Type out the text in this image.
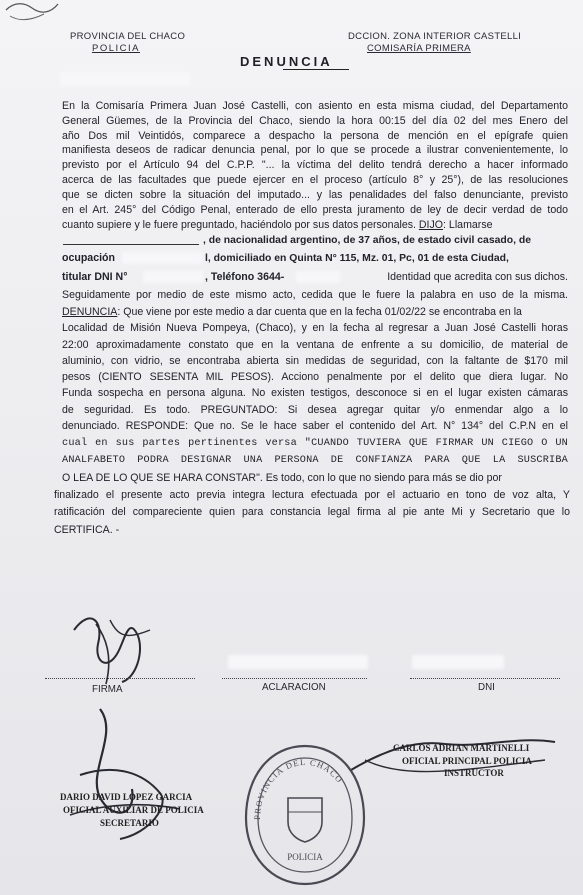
PROVINCIA DEL CHACO
POLICIA
DCCION. ZONA INTERIOR CASTELLI
COMISARÍA PRIMERA
DENUNCIA
En la Comisaría Primera Juan José Castelli, con asiento en esta misma ciudad, del Departamento
General Güemes, de la Provincia del Chaco, siendo la hora 00:15 del día 02 del mes Enero del
año Dos mil Veintidós, comparece a despacho la persona de mención en el epígrafe quien
manifiesta deseos de radicar denuncia penal, por lo que se procede a ilustrar convenientemente, lo
previsto por el Artículo 94 del C.P.P. "... la víctima del delito tendrá derecho a hacer informado
acerca de las facultades que puede ejercer en el proceso (artículo 8° y 25°), de las resoluciones
que se dicten sobre la situación del imputado... y las penalidades del falso denunciante, previsto
en el Art. 245° del Código Penal, enterado de ello presta juramento de ley de decir verdad de todo
cuanto supiere y le fuere preguntado, haciéndolo por sus datos personales. DIJO: Llamarse
, de nacionalidad argentino, de 37 años, de estado civil casado, de
ocupación	l, domiciliado en Quinta N° 115, Mz. 01, Pc, 01 de esta Ciudad,
titular DNI N°	, Teléfono 3644-	Identidad que acredita con sus dichos.
Seguidamente por medio de este mismo acto, cedida que le fuere la palabra en uso de la misma.
DENUNCIA: Que viene por este medio a dar cuenta que en la fecha 01/02/22 se encontraba en la
Localidad de Misión Nueva Pompeya, (Chaco), y en la fecha al regresar a Juan José Castelli horas
22:00 aproximadamente constato que en la ventana de enfrente a su domicilio, de material de
aluminio, con vidrio, se encontraba abierta sin medidas de seguridad, con la faltante de $170 mil
pesos (CIENTO SESENTA MIL PESOS). Acciono penalmente por el delito que diera lugar. No
Funda sospecha en persona alguna. No existen testigos, desconoce si en el lugar existen cámaras
de seguridad. Es todo. PREGUNTADO: Si desea agregar quitar y/o enmendar algo a lo
denunciado. RESPONDE: Que no. Se le hace saber el contenido del Art. N° 134° del C.P.N en el
cual en sus partes pertinentes versa "CUANDO TUVIERA QUE FIRMAR UN CIEGO O UN
ANALFABETO PODRA DESIGNAR UNA PERSONA DE CONFIANZA PARA QUE LA SUSCRIBA
O LEA DE LO QUE SE HARA CONSTAR". Es todo, con lo que no siendo para más se dio por
finalizado el presente acto previa integra lectura efectuada por el actuario en tono de voz alta, Y
ratificación del compareciente quien para constancia legal firma al pie ante Mi y Secretario que lo
CERTIFICA. -
FIRMA	ACLARACION	DNI
DARIO DAVID LOPEZ GARCIA
OFICIAL AUXILIAR DE POLICIA
SECRETARIO
CARLOS ADRIAN MARTINELLI
OFICIAL PRINCIPAL POLICIA
INSTRUCTOR
PROVINCIA DEL CHACO
POLICIA
